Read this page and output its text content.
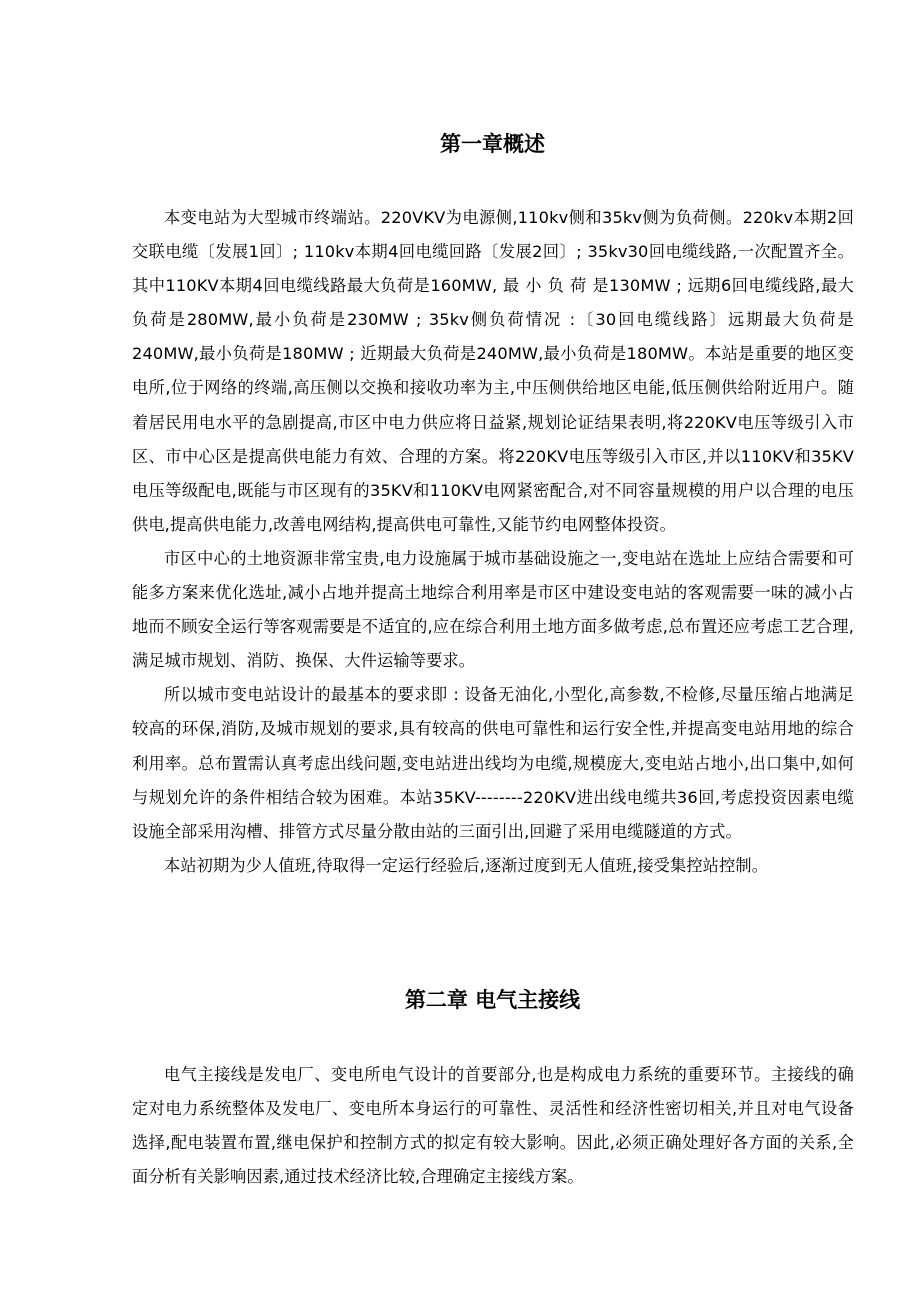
第一章概述

本变电站为大型城市终端站。220VKV为电源侧,110kv侧和35kv侧为负荷侧。220kv本期2回交联电缆〔发展1回〕; 110kv本期4回电缆回路〔发展2回〕; 35kv30回电缆线路,一次配置齐全。其中110KV本期4回电缆线路最大负荷是160MW, 最 小 负 荷 是130MW ; 远期6回电缆线路,最大负荷是280MW,最小负荷是230MW ; 35kv侧负荷情况 :〔30回电缆线路〕远期最大负荷是240MW,最小负荷是180MW ; 近期最大负荷是240MW,最小负荷是180MW。本站是重要的地区变电所,位于网络的终端,高压侧以交换和接收功率为主,中压侧供给地区电能,低压侧供给附近用户。随着居民用电水平的急剧提高,市区中电力供应将日益紧,规划论证结果表明,将220KV电压等级引入市区、市中心区是提高供电能力有效、合理的方案。将220KV电压等级引入市区,并以110KV和35KV电压等级配电,既能与市区现有的35KV和110KV电网紧密配合,对不同容量规模的用户以合理的电压供电,提高供电能力,改善电网结构,提高供电可靠性,又能节约电网整体投资。

市区中心的土地资源非常宝贵,电力设施属于城市基础设施之一,变电站在选址上应结合需要和可能多方案来优化选址,减小占地并提高土地综合利用率是市区中建设变电站的客观需要一味的减小占地而不顾安全运行等客观需要是不适宜的,应在综合利用土地方面多做考虑,总布置还应考虑工艺合理,满足城市规划、消防、换保、大件运输等要求。

所以城市变电站设计的最基本的要求即 : 设备无油化,小型化,高参数,不检修,尽量压缩占地满足较高的环保,消防,及城市规划的要求,具有较高的供电可靠性和运行安全性,并提高变电站用地的综合利用率。总布置需认真考虑出线问题,变电站进出线均为电缆,规模庞大,变电站占地小,出口集中,如何与规划允许的条件相结合较为困难。本站35KV--------220KV进出线电缆共36回,考虑投资因素电缆设施全部采用沟槽、排管方式尽量分散由站的三面引出,回避了采用电缆隧道的方式。

本站初期为少人值班,待取得一定运行经验后,逐渐过度到无人值班,接受集控站控制。

第二章 电气主接线

电气主接线是发电厂、变电所电气设计的首要部分,也是构成电力系统的重要环节。主接线的确定对电力系统整体及发电厂、变电所本身运行的可靠性、灵活性和经济性密切相关,并且对电气设备选择,配电装置布置,继电保护和控制方式的拟定有较大影响。因此,必须正确处理好各方面的关系,全面分析有关影响因素,通过技术经济比较,合理确定主接线方案。
